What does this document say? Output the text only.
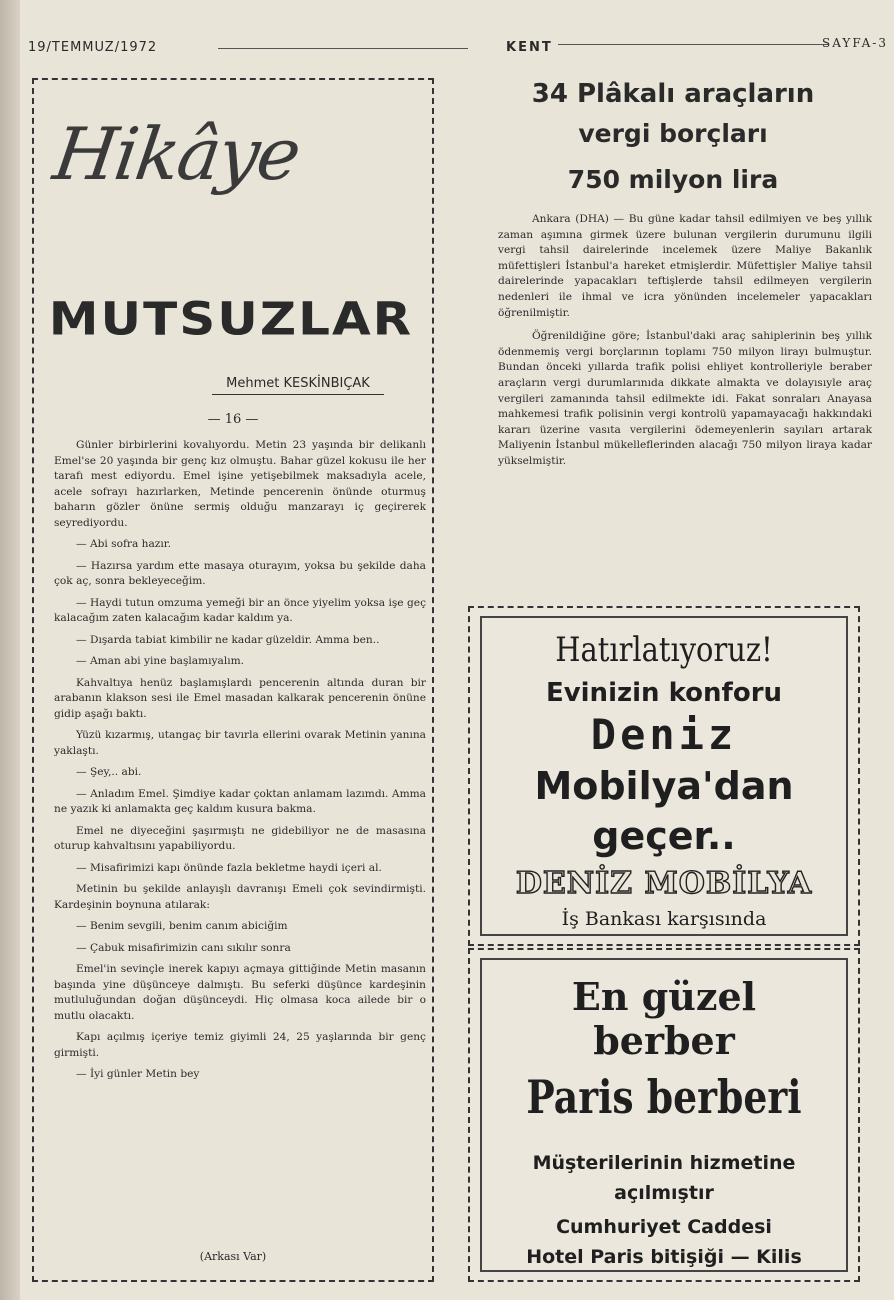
19/TEMMUZ/1972	KENT	SAYFA-3
Hikâye
MUTSUZLAR
Mehmet KESKİNBIÇAK
— 16 —

Günler birbirlerini kovalıyordu. Metin 23 yaşında bir delikanlı Emel'se 20 yaşında bir genç kız olmuştu. Bahar güzel kokusu ile her tarafı mest ediyordu. Emel işine yetişebilmek maksadıyla acele, acele sofrayı hazırlarken, Metinde pencerenin önünde oturmuş baharın gözler önüne sermiş olduğu manzarayı iç geçirerek seyrediyordu.

— Abi sofra hazır.

— Hazırsa yardım ette masaya oturayım, yoksa bu şekilde daha çok aç, sonra bekleyeceğim.

— Haydi tutun omzuma yemeği bir an önce yiyelim yoksa işe geç kalacağım zaten kalacağım kadar kaldım ya.

— Dışarda tabiat kimbilir ne kadar güzeldir. Amma ben..

— Aman abi yine başlamıyalım.

Kahvaltıya henüz başlamışlardı pencerenin altında duran bir arabanın klakson sesi ile Emel masadan kalkarak pencerenin önüne gidip aşağı baktı.

Yüzü kızarmış, utangaç bir tavırla ellerini ovarak Metinin yanına yaklaştı.

— Şey,.. abi.

— Anladım Emel. Şimdiye kadar çoktan anlamam lazımdı. Amma ne yazık ki anlamakta geç kaldım kusura bakma.

Emel ne diyeceğini şaşırmıştı ne gidebiliyor ne de masasına oturup kahvaltısını yapabiliyordu.

— Misafirimizi kapı önünde fazla bekletme haydi içeri al.

Metinin bu şekilde anlayışlı davranışı Emeli çok sevindirmişti. Kardeşinin boynuna atılarak:

— Benim sevgili, benim canım abiciğim

— Çabuk misafirimizin canı sıkılır sonra

Emel'in sevinçle inerek kapıyı açmaya gittiğinde Metin masanın başında yine düşünceye dalmıştı. Bu seferki düşünce kardeşinin mutluluğundan doğan düşünceydi. Hiç olmasa koca ailede bir o mutlu olacaktı.

Kapı açılmış içeriye temiz giyimli 24, 25 yaşlarında bir genç girmişti.

— İyi günler Metin bey

(Arkası Var)
34 Plâkalı araçların
vergi borçları
750 milyon lira

Ankara (DHA) — Bu güne kadar tahsil edilmiyen ve beş yıllık zaman aşımına girmek üzere bulunan vergilerin durumunu ilgili vergi tahsil dairelerinde incelemek üzere Maliye Bakanlık müfettişleri İstanbul'a hareket etmişlerdir. Müfettişler Maliye tahsil dairelerinde yapacakları teftişlerde tahsil edilmeyen vergilerin nedenleri ile ihmal ve icra yönünden incelemeler yapacakları öğrenilmiştir.

Öğrenildiğine göre; İstanbul'daki araç sahiplerinin beş yıllık ödenmemiş vergi borçlarının toplamı 750 milyon lirayı bulmuştur. Bundan önceki yıllarda trafik polisi ehliyet kontrolleriyle beraber araçların vergi durumlarınıda dikkate almakta ve dolayısıyle araç vergileri zamanında tahsil edilmekte idi. Fakat sonraları Anayasa mahkemesi trafik polisinin vergi kontrolü yapamayacağı hakkındaki kararı üzerine vasıta vergilerini ödemeyenlerin sayıları artarak Maliyenin İstanbul mükelleflerinden alacağı 750 milyon liraya kadar yükselmiştir.

Hatırlatıyoruz!
Evinizin konforu
Deniz
Mobilya'dan
geçer..
DENİZ MOBİLYA
İş Bankası karşısında
En güzel
berber
Paris berberi
Müşterilerinin hizmetine
açılmıştır
Cumhuriyet Caddesi
Hotel Paris bitişiği — Kilis
